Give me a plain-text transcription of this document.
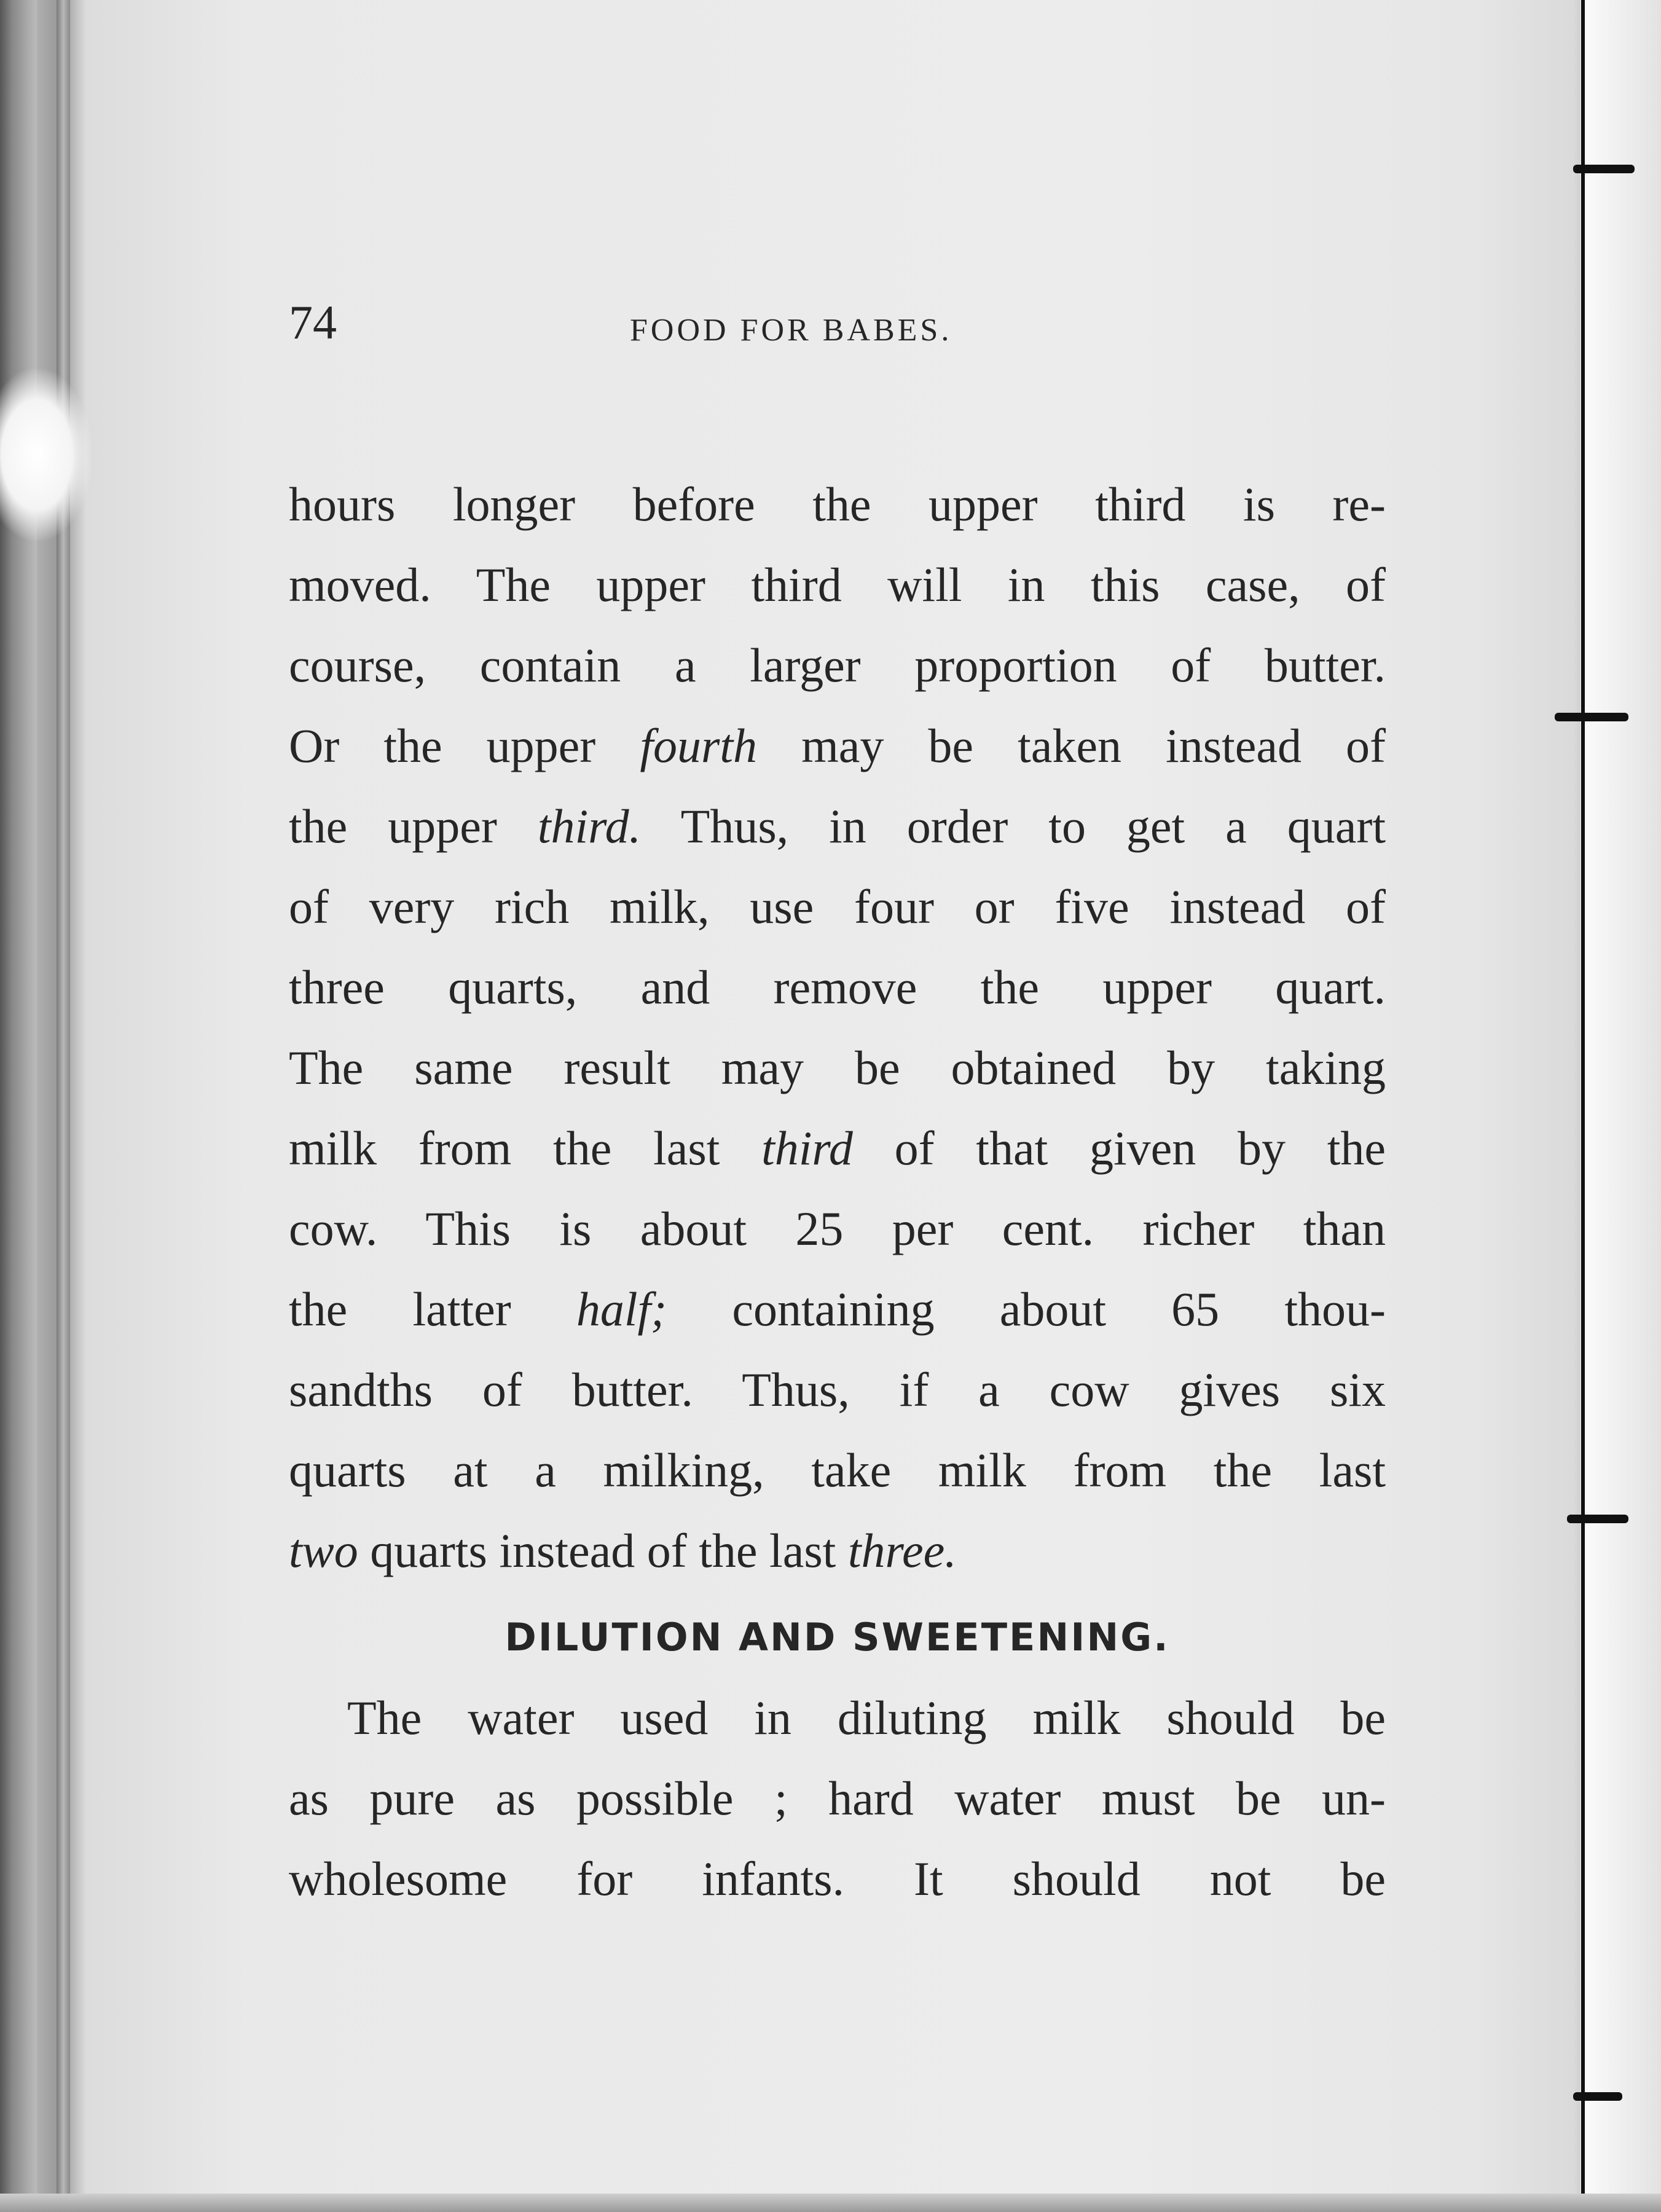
74	FOOD FOR BABES.
hours longer before the upper third is re-
moved. The upper third will in this case, of
course, contain a larger proportion of butter.
Or the upper fourth may be taken instead of
the upper third. Thus, in order to get a quart
of very rich milk, use four or five instead of
three quarts, and remove the upper quart.
The same result may be obtained by taking
milk from the last third of that given by the
cow. This is about 25 per cent. richer than
the latter half; containing about 65 thou-
sandths of butter. Thus, if a cow gives six
quarts at a milking, take milk from the last
two quarts instead of the last three.
DILUTION AND SWEETENING.
The water used in diluting milk should be
as pure as possible ; hard water must be un-
wholesome for infants. It should not be
